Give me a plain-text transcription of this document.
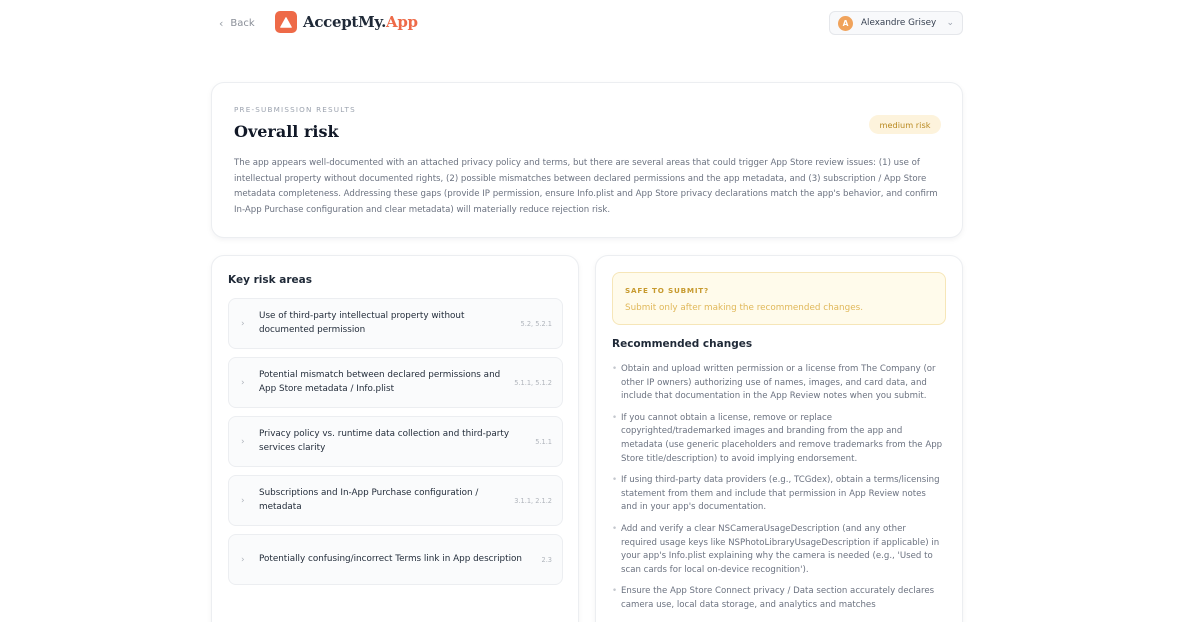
‹ Back	AcceptMy.App	A	Alexandre Grisey ⌄
PRE-SUBMISSION RESULTS
Overall risk	medium risk

The app appears well-documented with an attached privacy policy and terms, but there are several areas that could trigger App Store review issues: (1) use of intellectual property without documented rights, (2) possible mismatches between declared permissions and the app metadata, and (3) subscription / App Store metadata completeness. Addressing these gaps (provide IP permission, ensure Info.plist and App Store privacy declarations match the app's behavior, and confirm In-App Purchase configuration and clear metadata) will materially reduce rejection risk.

Key risk areas
›
Use of third-party intellectual property without documented permission
5.2, 5.2.1
›
Potential mismatch between declared permissions and App Store metadata / Info.plist
5.1.1, 5.1.2
›
Privacy policy vs. runtime data collection and third-party services clarity
5.1.1
›
Subscriptions and In-App Purchase configuration / metadata
3.1.1, 2.1.2
›	Potentially confusing/incorrect Terms link in App description	2.3
SAFE TO SUBMIT?
Submit only after making the recommended changes.
Recommended changes
• Obtain and upload written permission or a license from The Company (or other IP owners) authorizing use of names, images, and card data, and include that documentation in the App Review notes when you submit.
• If you cannot obtain a license, remove or replace copyrighted/trademarked images and branding from the app and metadata (use generic placeholders and remove trademarks from the App Store title/description) to avoid implying endorsement.
• If using third-party data providers (e.g., TCGdex), obtain a terms/licensing statement from them and include that permission in App Review notes and in your app's documentation.
• Add and verify a clear NSCameraUsageDescription (and any other required usage keys like NSPhotoLibraryUsageDescription if applicable) in your app's Info.plist explaining why the camera is needed (e.g., 'Used to scan cards for local on-device recognition').
• Ensure the App Store Connect privacy / Data section accurately declares camera use, local data storage, and analytics and matches
